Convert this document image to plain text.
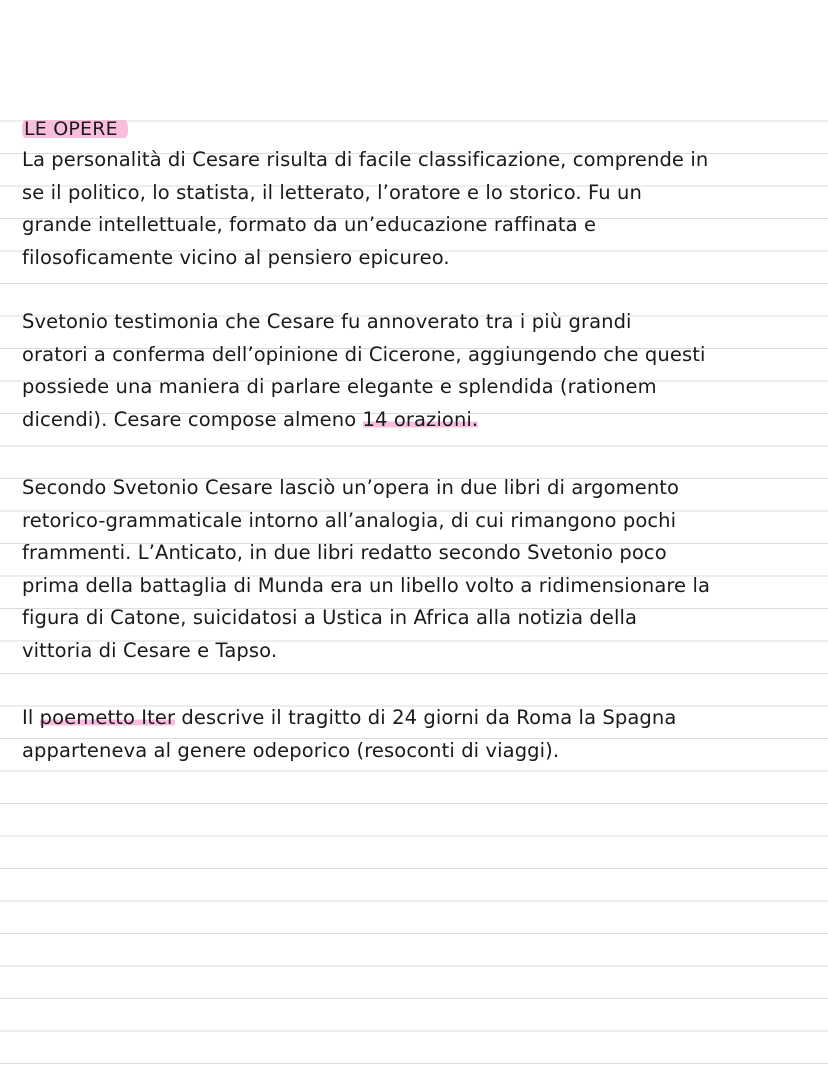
LE OPERE

La personalità di Cesare risulta di facile classificazione, comprende in
se il politico, lo statista, il letterato, l’oratore e lo storico. Fu un
grande intellettuale, formato da un’educazione raffinata e
filosoficamente vicino al pensiero epicureo.

Svetonio testimonia che Cesare fu annoverato tra i più grandi
oratori a conferma dell’opinione di Cicerone, aggiungendo che questi
possiede una maniera di parlare elegante e splendida (rationem
dicendi). Cesare compose almeno 14 orazioni.

Secondo Svetonio Cesare lasciò un’opera in due libri di argomento
retorico-grammaticale intorno all’analogia, di cui rimangono pochi
frammenti. L’Anticato, in due libri redatto secondo Svetonio poco
prima della battaglia di Munda era un libello volto a ridimensionare la
figura di Catone, suicidatosi a Ustica in Africa alla notizia della
vittoria di Cesare e Tapso.

Il poemetto Iter descrive il tragitto di 24 giorni da Roma la Spagna
apparteneva al genere odeporico (resoconti di viaggi).
